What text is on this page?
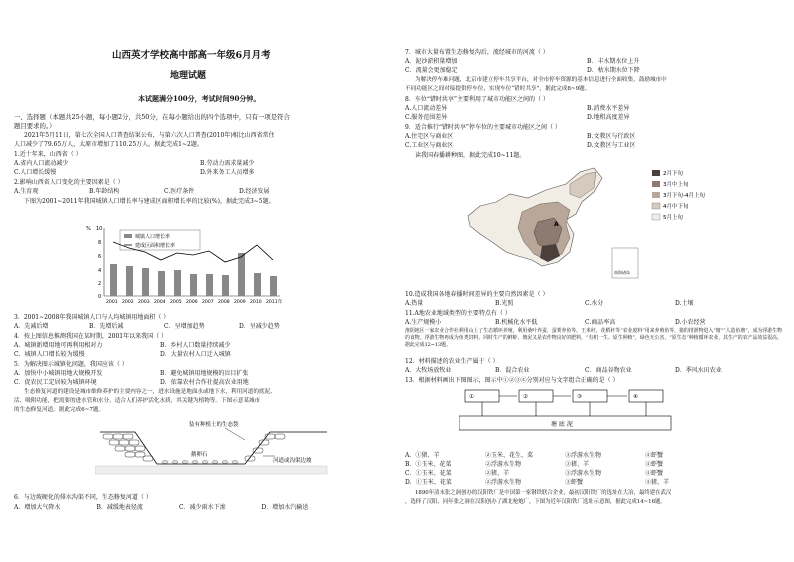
山西英才学校高中部高一年级6月月考
地理试题
本试题满分100分，考试时间90分钟。
一、选择题（本题共25小题，每小题2分，共50分，在每小题给出的四个选项中，只有一项是符合
题目要求的。）
2021年5月11日，第七次全国人口普查结果公布，与第六次人口普查(2010年)相比山西省常住
人口减少了79.65万人，太原市增加了110.25万人。据此完成1~2题。
1.近十年来，山西省（ ）
A.省内人口流动减少	B.劳动力需求量减少
C.人口增长缓慢	D.外来务工人员增多
2.影响山西省人口变化的主要因素是（ ）
A.生育观	B.年龄结构	C.医疗条件	D.经济发展
下图为2001~2011年我国城镇人口增长率与建成区面积增长率的比较(%)，据此完成3~5题。
10
8
6
4
2
0
%
城镇人口增长率
建成区面积增长率
2001 2002 2003 2004 2005 2006 2007 2008 2009 2010 2011年
3．2001~2008年我国城镇人口与人均城镇用地面积（ ）
A．先减后增	B．先增后减	C．呈增加趋势	D．呈减少趋势
4．按上图信息推测我国在某时期，2001年以来我国（ ）
A．城镇新增用地可再利用相对力	B．乡村人口数量持续减少
C．城镇人口增长较为缓慢	D．大量农村人口迁入城镇
5．为解决图示城镇化问题，我国应该（ ）
A．加快中小城镇用地大规模开发	B．避免城镇用地规模的盲目扩张
C．促农民工定居较为城镇环境	D．依靠农村合作社提高农业用地
生态修复河道的建设是城市维修养护的主要内容之一，进水设施是地面水或地下水，利用河道的底泥、
活、吸附功能，把需要的进水管和水分，适合人们养护活化水质，其关键为植物等。下图示意某城市
的生态修复河道，据此完成6~7题。
装有种植土的生态袋
鹅卵石
河道或沟渠边坡
6．与边坡硬化的排水沟渠不同，生态修复河道（ ）
A．增加大气降水	B．减缓地表径流	C．减少雨水下渗	D．增加水汽输送
7．城市大量布置生态修复沟后，流经城市的河流（ ）
A．泥沙淤积量增加	B．丰水期水位上升
C．流量会更加稳定	D．枯水期水位下降
为解决停车难问题，北京市建立停车共享平台，对全市停车资源的基本信息进行全面收集，鼓励城市中
不同功能区之间对接提供停车位，实现车位“错时共享”，据此完成8~9题。
8．车位“错时共享”主要利用了城市功能区之间的（ ）
A.人口流动差异	B.消费水平差异
C.服务范围差异	D.地租高度差异
9．适合推行“错时共享”停车位的主要城市功能区之间（ ）
A.住宅区与商业区	B.文教区与行政区
C.工业区与商业区	D.文教区与工业区
读我国春播耕种图，据此完成10~11题。
A
南海诸岛
2月下旬
3月中上旬
3月下旬-4月上旬
4月中下旬
5月上旬
10.造成我国各地春播时间差异的主要自然因素是（ ）
A.热量	B.光照	C.水分	D.土壤
11.A地农业地域类型的主要特点有（ ）
A.生产规模小	B.机械化水平低	C.商品率高	D.小农经营
淮阴地区一家农业合作社利用山上了生态循环养殖，利用桑叶养蚕，蚕粪养鱼等，王米秆，花稻秆等“农业废料”用来养殖鱼等，猪的排泄物进入“塘”“人造鱼塘”，成为浮游生物的食物。浮游生物再成为鱼类饲料，同时生产的鲜虾，塘泥又是农作物良好的肥料，“有机一生、原生种植”，绿色无公害，“原生态”种植循环农业，其生产的农产品效益很高。据此完成12~13题。
12．材料描述的农业生产属于（ ）
A．大牧场放牧业	B．混合农业	C．商品谷物农业	D．季风水田农业
13．根据材料画出下图图示，图示中①②③④分别对应与文字组合正确的是（ ）
①	②	③	④
塘 底 泥
A．①猪、羊	②玉米、花生、菜	③浮游水生物	④虾蟹
B．①玉米、花菜	②浮游水生物	③猪、羊	④虾蟹
C．①玉米、花菜	②猪、羊	③浮游水生物	④虾蟹
D．①玉米、花菜	②浮游水生物	③虾蟹	④猪、羊
1890年清末张之洞创办的汉阳铁厂是中国第一家钢铁联合企业，最初汉阳铁厂的选址在大冶，最终建在武汉
，选择了汉阳，同年张之洞在汉阳创办了湖北枪炮厂，下图为近年汉阳铁厂选址示意图，据此完成14~16题。
